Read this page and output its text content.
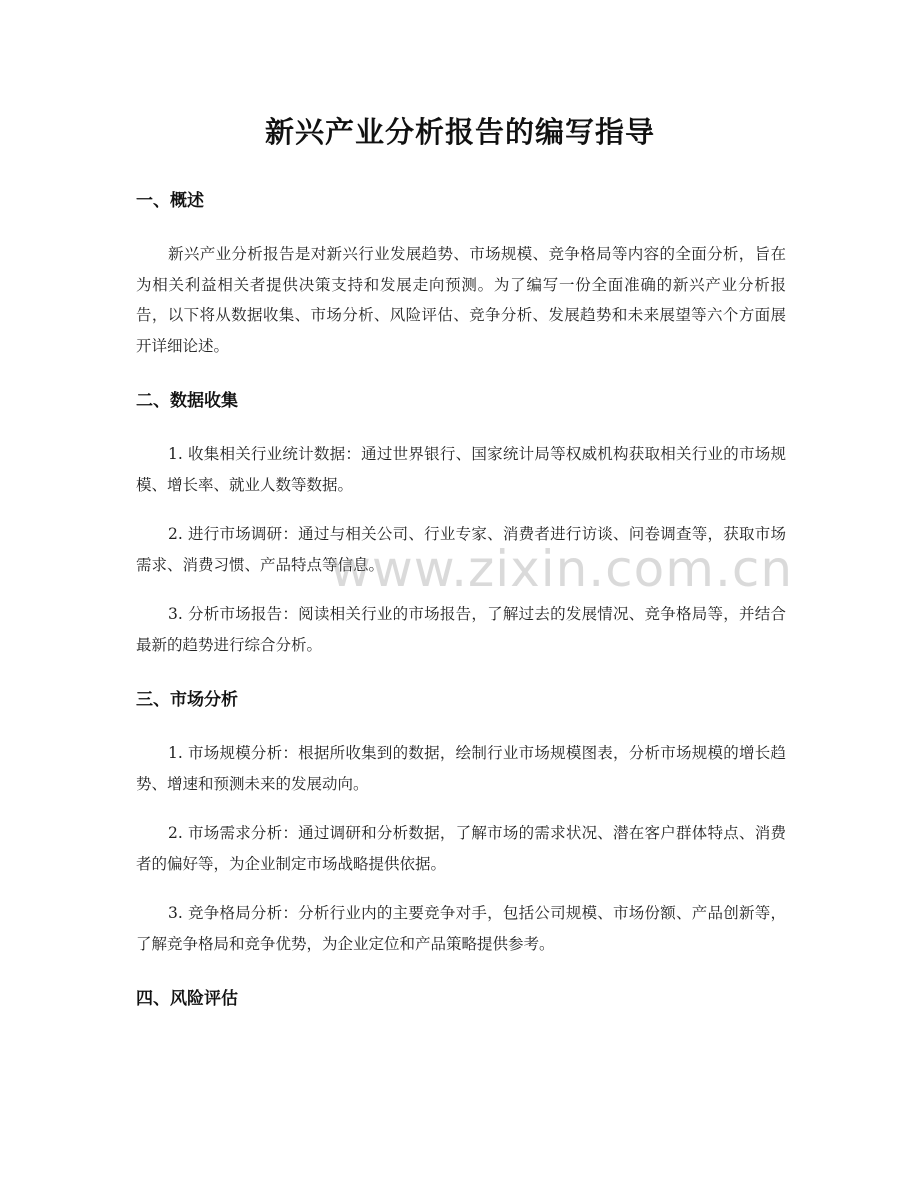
新兴产业分析报告的编写指导
一、概述

新兴产业分析报告是对新兴行业发展趋势、市场规模、竞争格局等内容的全面分析，旨在为相关利益相关者提供决策支持和发展走向预测。为了编写一份全面准确的新兴产业分析报告，以下将从数据收集、市场分析、风险评估、竞争分析、发展趋势和未来展望等六个方面展开详细论述。

二、数据收集

1. 收集相关行业统计数据：通过世界银行、国家统计局等权威机构获取相关行业的市场规模、增长率、就业人数等数据。

2. 进行市场调研：通过与相关公司、行业专家、消费者进行访谈、问卷调查等，获取市场需求、消费习惯、产品特点等信息。

3. 分析市场报告：阅读相关行业的市场报告，了解过去的发展情况、竞争格局等，并结合最新的趋势进行综合分析。

三、市场分析

1. 市场规模分析：根据所收集到的数据，绘制行业市场规模图表，分析市场规模的增长趋势、增速和预测未来的发展动向。

2. 市场需求分析：通过调研和分析数据，了解市场的需求状况、潜在客户群体特点、消费者的偏好等，为企业制定市场战略提供依据。

3. 竞争格局分析：分析行业内的主要竞争对手，包括公司规模、市场份额、产品创新等，了解竞争格局和竞争优势，为企业定位和产品策略提供参考。

四、风险评估
www.zixin.com.cn
